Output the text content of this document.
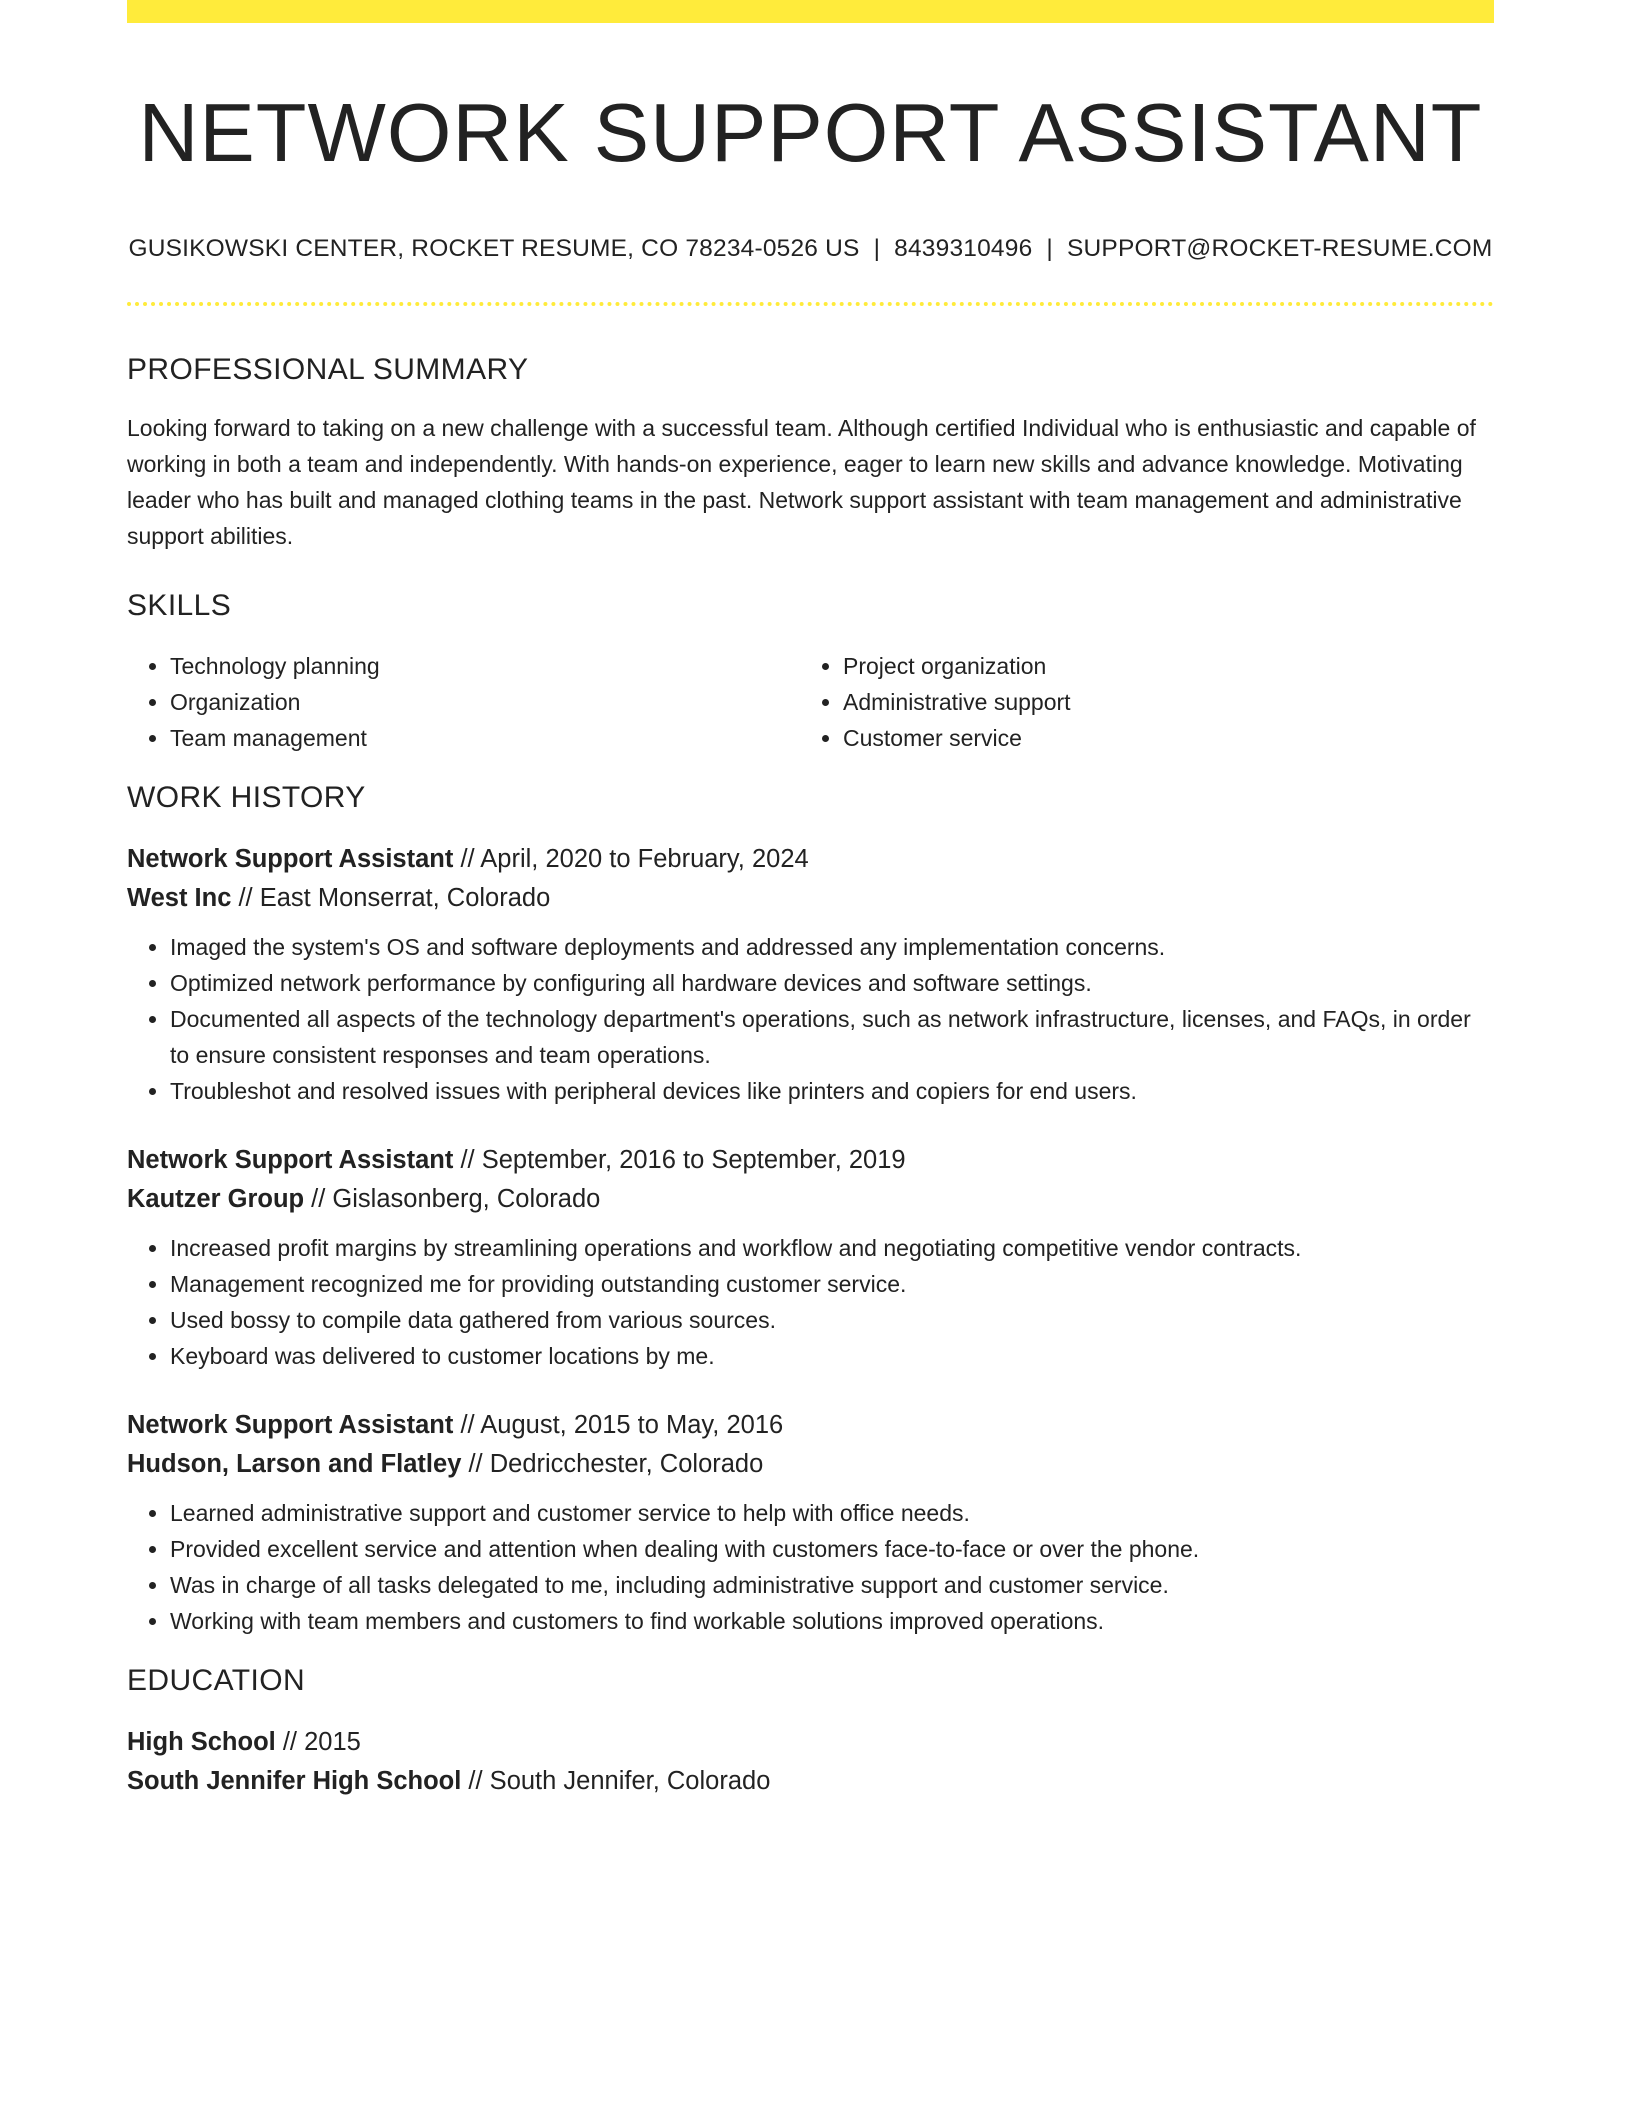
NETWORK SUPPORT ASSISTANT
GUSIKOWSKI CENTER, ROCKET RESUME, CO 78234-0526 US | 8439310496 | SUPPORT@ROCKET-RESUME.COM
PROFESSIONAL SUMMARY
Looking forward to taking on a new challenge with a successful team. Although certified Individual who is enthusiastic and capable of working in both a team and independently. With hands-on experience, eager to learn new skills and advance knowledge. Motivating leader who has built and managed clothing teams in the past. Network support assistant with team management and administrative support abilities.
SKILLS
• Technology planning
• Organization
• Team management
• Project organization
• Administrative support
• Customer service
WORK HISTORY
Network Support Assistant // April, 2020 to February, 2024
West Inc // East Monserrat, Colorado
• Imaged the system's OS and software deployments and addressed any implementation concerns.
• Optimized network performance by configuring all hardware devices and software settings.
• Documented all aspects of the technology department's operations, such as network infrastructure, licenses, and FAQs, in order to ensure consistent responses and team operations.
• Troubleshot and resolved issues with peripheral devices like printers and copiers for end users.
Network Support Assistant // September, 2016 to September, 2019
Kautzer Group // Gislasonberg, Colorado
• Increased profit margins by streamlining operations and workflow and negotiating competitive vendor contracts.
• Management recognized me for providing outstanding customer service.
• Used bossy to compile data gathered from various sources.
• Keyboard was delivered to customer locations by me.
Network Support Assistant // August, 2015 to May, 2016
Hudson, Larson and Flatley // Dedricchester, Colorado
• Learned administrative support and customer service to help with office needs.
• Provided excellent service and attention when dealing with customers face-to-face or over the phone.
• Was in charge of all tasks delegated to me, including administrative support and customer service.
• Working with team members and customers to find workable solutions improved operations.
EDUCATION
High School // 2015
South Jennifer High School // South Jennifer, Colorado
